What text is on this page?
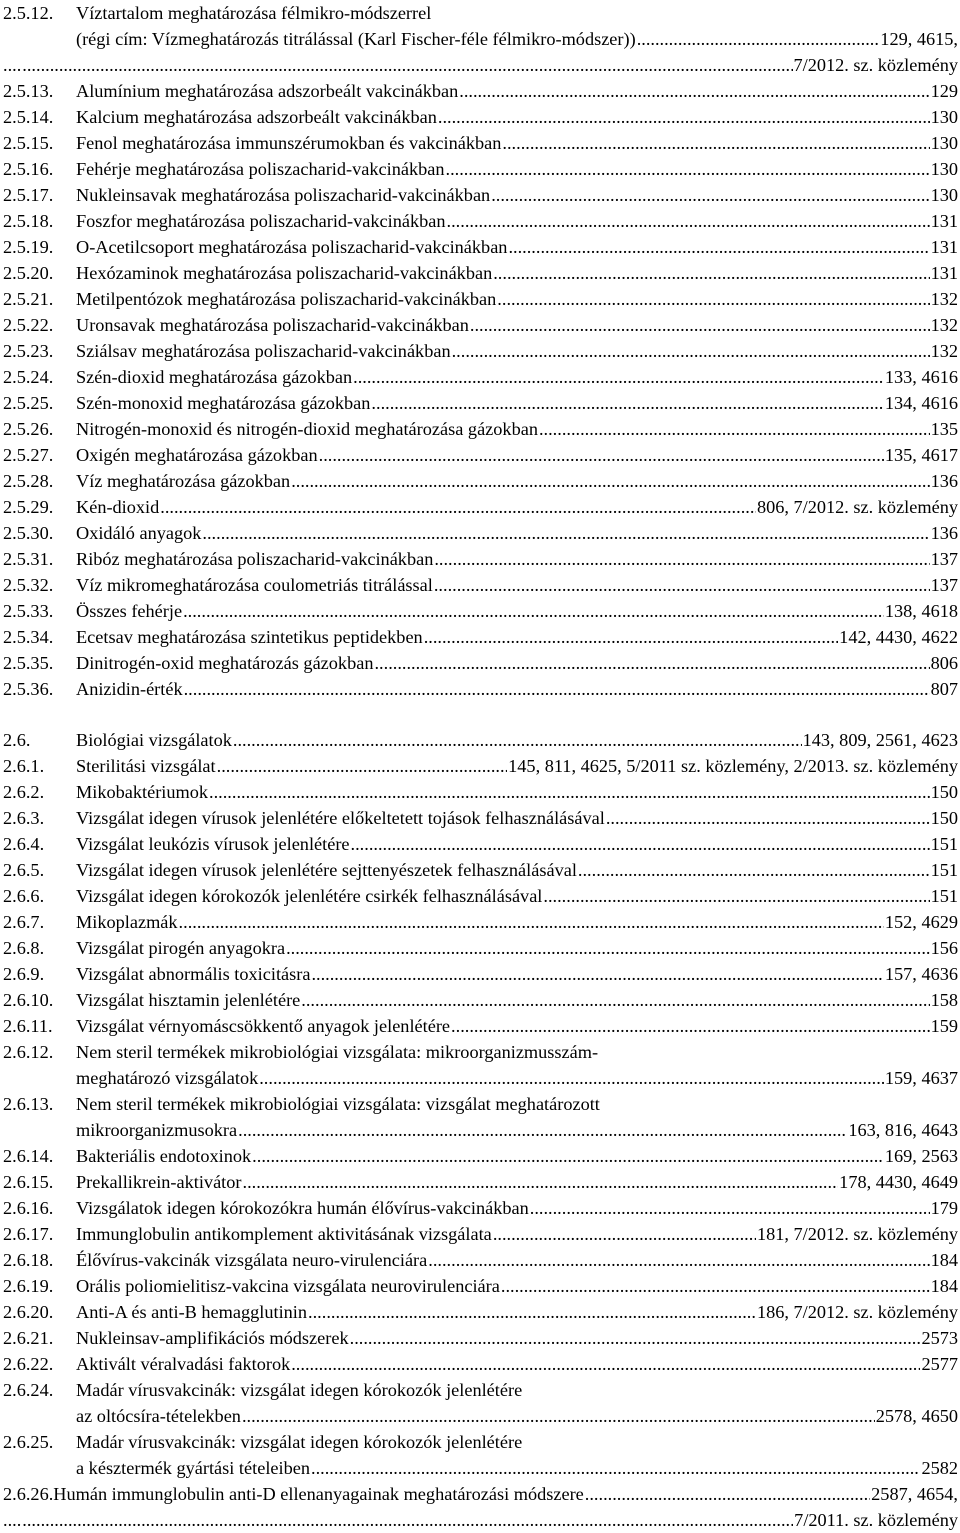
2.5.12. Víztartalom meghatározása félmikro-módszerrel
(régi cím: Vízmeghatározás titrálással (Karl Fischer-féle félmikro-módszer)) .....	129, 4615,
.... .....	7/2012. sz. közlemény
2.5.13. Alumínium meghatározása adszorbeált vakcinákban .....	129
2.5.14. Kalcium meghatározása adszorbeált vakcinákban .....	130
2.5.15. Fenol meghatározása immunszérumokban és vakcinákban .....	130
2.5.16. Fehérje meghatározása poliszacharid-vakcinákban .....	130
2.5.17. Nukleinsavak meghatározása poliszacharid-vakcinákban .....	130
2.5.18. Foszfor meghatározása poliszacharid-vakcinákban .....	131
2.5.19. O-Acetilcsoport meghatározása poliszacharid-vakcinákban .....	131
2.5.20. Hexózaminok meghatározása poliszacharid-vakcinákban .....	131
2.5.21. Metilpentózok meghatározása poliszacharid-vakcinákban .....	132
2.5.22. Uronsavak meghatározása poliszacharid-vakcinákban .....	132
2.5.23. Sziálsav meghatározása poliszacharid-vakcinákban .....	132
2.5.24. Szén-dioxid meghatározása gázokban .....	133, 4616
2.5.25. Szén-monoxid meghatározása gázokban .....	134, 4616
2.5.26. Nitrogén-monoxid és nitrogén-dioxid meghatározása gázokban .....	135
2.5.27. Oxigén meghatározása gázokban .....	135, 4617
2.5.28. Víz meghatározása gázokban .....	136
2.5.29. Kén-dioxid .....	806, 7/2012. sz. közlemény
2.5.30. Oxidáló anyagok .....	136
2.5.31. Ribóz meghatározása poliszacharid-vakcinákban .....	137
2.5.32. Víz mikromeghatározása coulometriás titrálással .....	137
2.5.33. Összes fehérje .....	138, 4618
2.5.34. Ecetsav meghatározása szintetikus peptidekben .....	142, 4430, 4622
2.5.35. Dinitrogén-oxid meghatározás gázokban .....	806
2.5.36. Anizidin-érték .....	807
2.6. Biológiai vizsgálatok .....	143, 809, 2561, 4623
2.6.1. Sterilitási vizsgálat .....	145, 811, 4625, 5/2011 sz. közlemény, 2/2013. sz. közlemény
2.6.2. Mikobaktériumok .....	150
2.6.3. Vizsgálat idegen vírusok jelenlétére előkeltetett tojások felhasználásával .....	150
2.6.4. Vizsgálat leukózis vírusok jelenlétére .....	151
2.6.5. Vizsgálat idegen vírusok jelenlétére sejttenyészetek felhasználásával .....	151
2.6.6. Vizsgálat idegen kórokozók jelenlétére csirkék felhasználásával .....	151
2.6.7. Mikoplazmák .....	152, 4629
2.6.8. Vizsgálat pirogén anyagokra .....	156
2.6.9. Vizsgálat abnormális toxicitásra .....	157, 4636
2.6.10. Vizsgálat hisztamin jelenlétére .....	158
2.6.11. Vizsgálat vérnyomáscsökkentő anyagok jelenlétére .....	159
2.6.12. Nem steril termékek mikrobiológiai vizsgálata: mikroorganizmusszám-
meghatározó vizsgálatok .....	159, 4637
2.6.13. Nem steril termékek mikrobiológiai vizsgálata: vizsgálat meghatározott
mikroorganizmusokra .....	163, 816, 4643
2.6.14. Bakteriális endotoxinok .....	169, 2563
2.6.15. Prekallikrein-aktivátor .....	178, 4430, 4649
2.6.16. Vizsgálatok idegen kórokozókra humán élővírus-vakcinákban .....	179
2.6.17. Immunglobulin antikomplement aktivitásának vizsgálata .....	181, 7/2012. sz. közlemény
2.6.18. Élővírus-vakcinák vizsgálata neuro-virulenciára .....	184
2.6.19. Orális poliomielitisz-vakcina vizsgálata neurovirulenciára .....	184
2.6.20. Anti-A és anti-B hemagglutinin .....	186, 7/2012. sz. közlemény
2.6.21. Nukleinsav-amplifikációs módszerek .....	2573
2.6.22. Aktivált véralvadási faktorok .....	2577
2.6.24. Madár vírusvakcinák: vizsgálat idegen kórokozók jelenlétére
az oltócsíra-tételekben .....	2578, 4650
2.6.25. Madár vírusvakcinák: vizsgálat idegen kórokozók jelenlétére
a késztermék gyártási tételeiben .....	2582
2.6.26. Humán immunglobulin anti-D ellenanyagainak meghatározási módszere .....	2587, 4654,
.... .....	7/2011. sz. közlemény
